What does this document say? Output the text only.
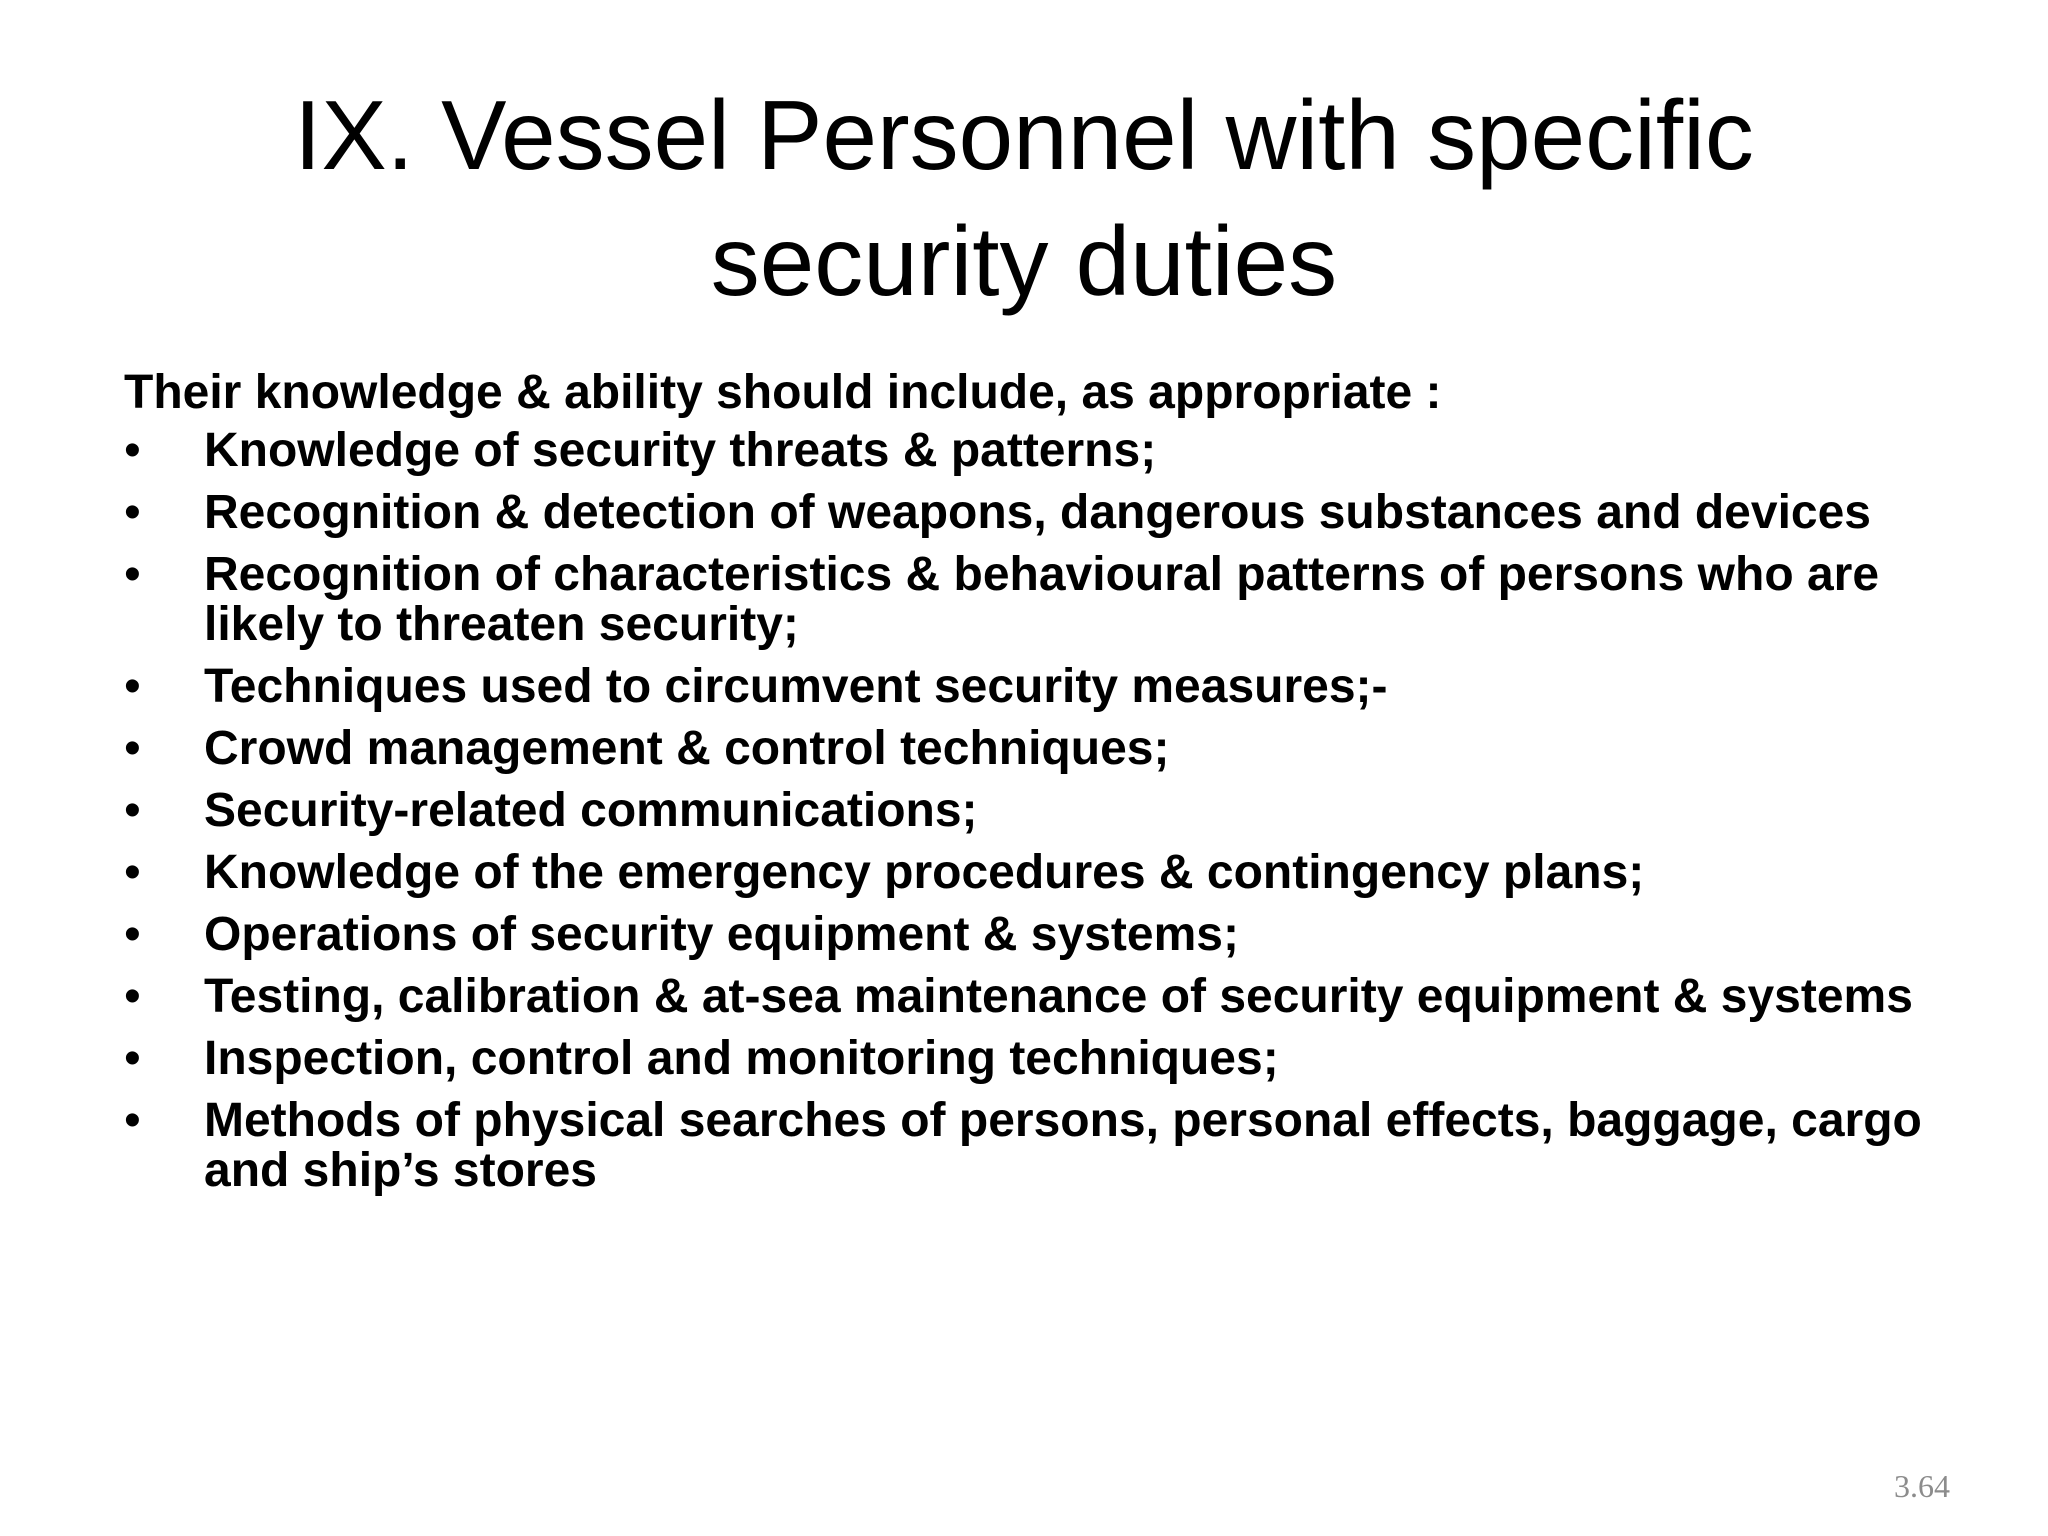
IX. Vessel Personnel with specific
security duties
Their knowledge & ability should include, as appropriate :
• Knowledge of security threats & patterns;
• Recognition & detection of weapons, dangerous substances and devices
• Recognition of characteristics & behavioural patterns of persons who are likely to threaten security;
• Techniques used to circumvent security measures;-
• Crowd management & control techniques;
• Security-related communications;
• Knowledge of the emergency procedures & contingency plans;
• Operations of security equipment & systems;
• Testing, calibration & at-sea maintenance of security equipment & systems
• Inspection, control and monitoring techniques;
• Methods of physical searches of persons, personal effects, baggage, cargo and ship’s stores
3.64
